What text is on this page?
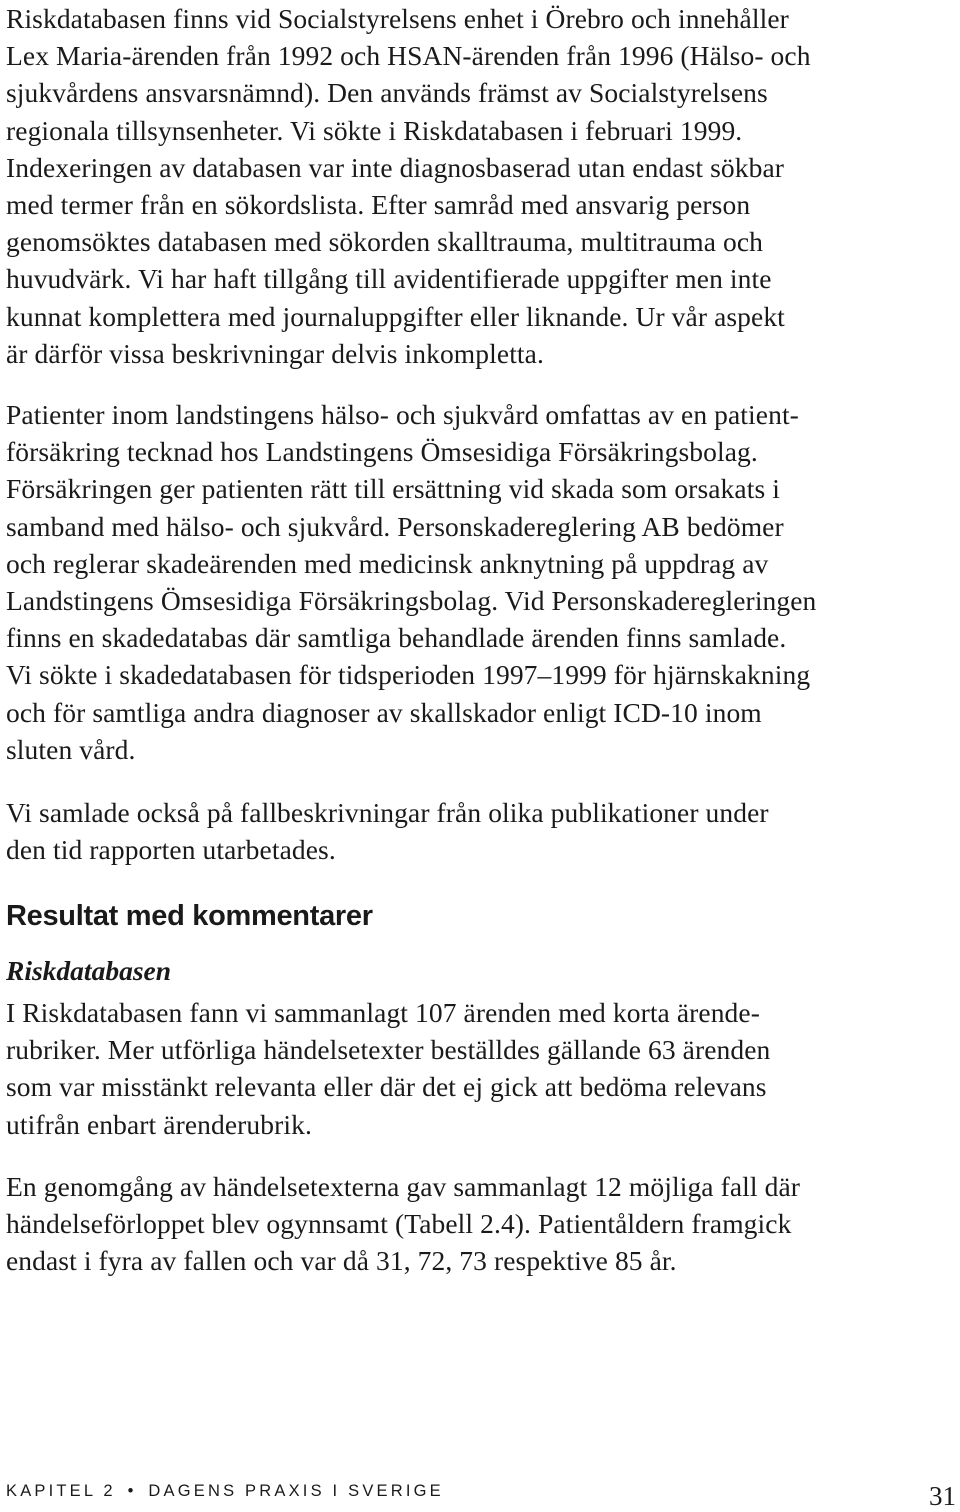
Riskdatabasen finns vid Socialstyrelsens enhet i Örebro och innehåller
Lex Maria-ärenden från 1992 och HSAN-ärenden från 1996 (Hälso- och
sjukvårdens ansvarsnämnd). Den används främst av Socialstyrelsens
regionala tillsynsenheter. Vi sökte i Riskdatabasen i februari 1999.
Indexeringen av databasen var inte diagnosbaserad utan endast sökbar
med termer från en sökordslista. Efter samråd med ansvarig person
genomsöktes databasen med sökorden skalltrauma, multitrauma och
huvudvärk. Vi har haft tillgång till avidentifierade uppgifter men inte
kunnat komplettera med journaluppgifter eller liknande. Ur vår aspekt
är därför vissa beskrivningar delvis inkompletta.

Patienter inom landstingens hälso- och sjukvård omfattas av en patient-
försäkring tecknad hos Landstingens Ömsesidiga Försäkringsbolag.
Försäkringen ger patienten rätt till ersättning vid skada som orsakats i
samband med hälso- och sjukvård. Personskadereglering AB bedömer
och reglerar skadeärenden med medicinsk anknytning på uppdrag av
Landstingens Ömsesidiga Försäkringsbolag. Vid Personskaderegleringen
finns en skadedatabas där samtliga behandlade ärenden finns samlade.
Vi sökte i skadedatabasen för tidsperioden 1997–1999 för hjärnskakning
och för samtliga andra diagnoser av skallskador enligt ICD-10 inom
sluten vård.

Vi samlade också på fallbeskrivningar från olika publikationer under
den tid rapporten utarbetades.

Resultat med kommentarer
Riskdatabasen

I Riskdatabasen fann vi sammanlagt 107 ärenden med korta ärende-
rubriker. Mer utförliga händelsetexter beställdes gällande 63 ärenden
som var misstänkt relevanta eller där det ej gick att bedöma relevans
utifrån enbart ärenderubrik.

En genomgång av händelsetexterna gav sammanlagt 12 möjliga fall där
händelseförloppet blev ogynnsamt (Tabell 2.4). Patientåldern framgick
endast i fyra av fallen och var då 31, 72, 73 respektive 85 år.

KAPITEL 2 • DAGENS PRAXIS I SVERIGE	31
